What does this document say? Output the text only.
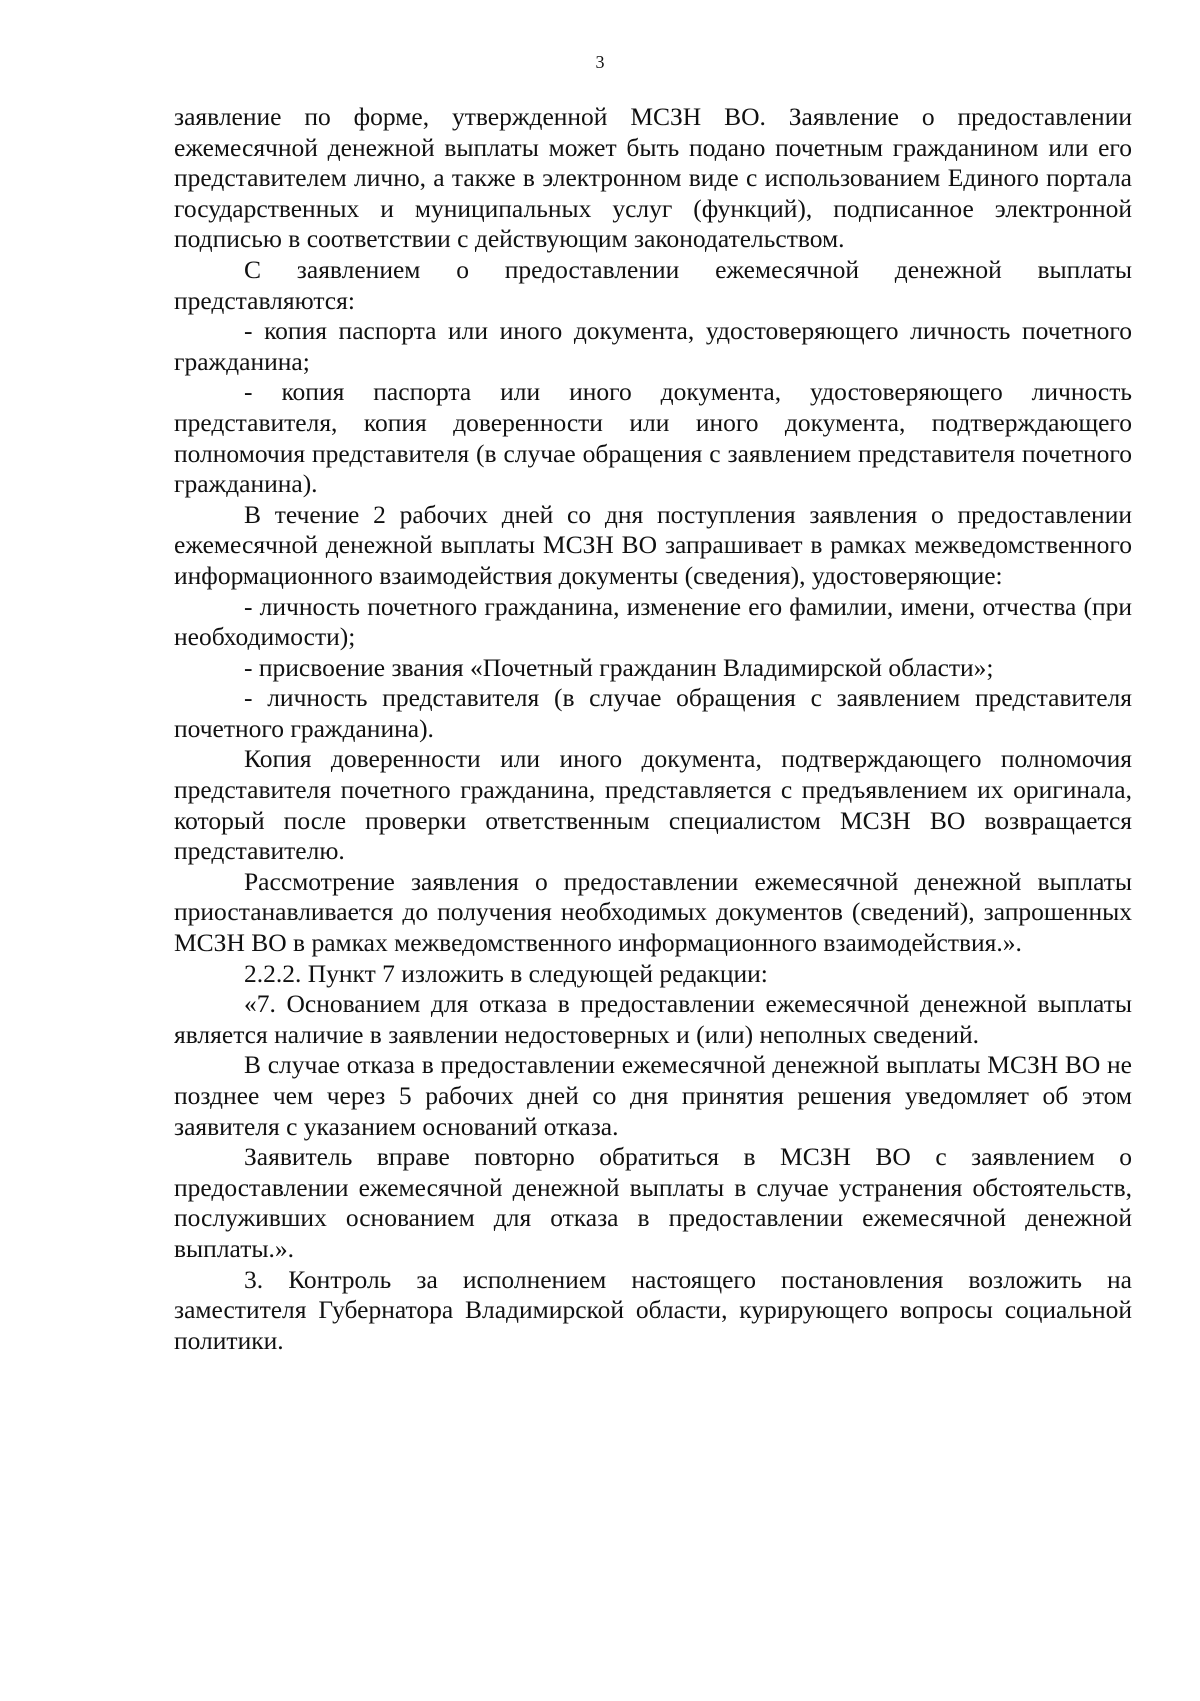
3

заявление по форме, утвержденной МСЗН ВО. Заявление о предоставлении ежемесячной денежной выплаты может быть подано почетным гражданином или его представителем лично, а также в электронном виде с использованием Единого портала государственных и муниципальных услуг (функций), подписанное электронной подписью в соответствии с действующим законодательством.

С заявлением о предоставлении ежемесячной денежной выплаты представляются:

- копия паспорта или иного документа, удостоверяющего личность почетного гражданина;

- копия паспорта или иного документа, удостоверяющего личность представителя, копия доверенности или иного документа, подтверждающего полномочия представителя (в случае обращения с заявлением представителя почетного гражданина).

В течение 2 рабочих дней со дня поступления заявления о предоставлении ежемесячной денежной выплаты МСЗН ВО запрашивает в рамках межведомственного информационного взаимодействия документы (сведения), удостоверяющие:

- личность почетного гражданина, изменение его фамилии, имени, отчества (при необходимости);

- присвоение звания «Почетный гражданин Владимирской области»;

- личность представителя (в случае обращения с заявлением представителя почетного гражданина).

Копия доверенности или иного документа, подтверждающего полномочия представителя почетного гражданина, представляется с предъявлением их оригинала, который после проверки ответственным специалистом МСЗН ВО возвращается представителю.

Рассмотрение заявления о предоставлении ежемесячной денежной выплаты приостанавливается до получения необходимых документов (сведений), запрошенных МСЗН ВО в рамках межведомственного информационного взаимодействия.».

2.2.2. Пункт 7 изложить в следующей редакции:

«7. Основанием для отказа в предоставлении ежемесячной денежной выплаты является наличие в заявлении недостоверных и (или) неполных сведений.

В случае отказа в предоставлении ежемесячной денежной выплаты МСЗН ВО не позднее чем через 5 рабочих дней со дня принятия решения уведомляет об этом заявителя с указанием оснований отказа.

Заявитель вправе повторно обратиться в МСЗН ВО с заявлением о предоставлении ежемесячной денежной выплаты в случае устранения обстоятельств, послуживших основанием для отказа в предоставлении ежемесячной денежной выплаты.».

3. Контроль за исполнением настоящего постановления возложить на заместителя Губернатора Владимирской области, курирующего вопросы социальной политики.
